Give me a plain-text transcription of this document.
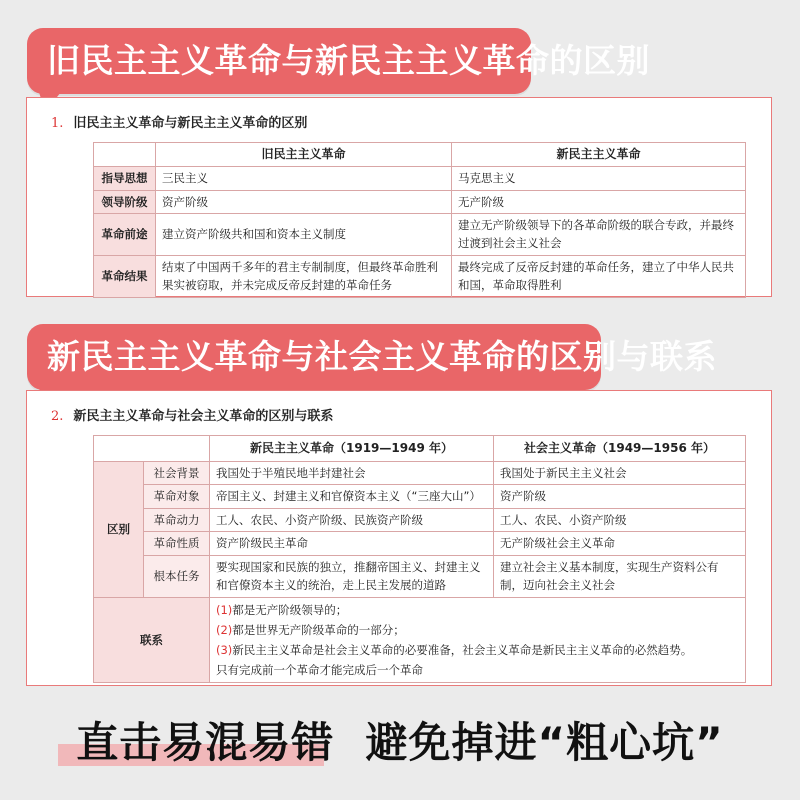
旧民主主义革命与新民主主义革命的区别
1. 旧民主主义革命与新民主主义革命的区别
	旧民主主义革命	新民主主义革命
指导思想	三民主义	马克思主义
领导阶级	资产阶级	无产阶级
革命前途	建立资产阶级共和国和资本主义制度	建立无产阶级领导下的各革命阶级的联合专政，并最终过渡到社会主义社会
革命结果	结束了中国两千多年的君主专制制度，但最终革命胜利果实被窃取，并未完成反帝反封建的革命任务	最终完成了反帝反封建的革命任务，建立了中华人民共和国，革命取得胜利
新民主主义革命与社会主义革命的区别与联系
2. 新民主主义革命与社会主义革命的区别与联系
		新民主主义革命（1919—1949 年）	社会主义革命（1949—1956 年）
区别	社会背景	我国处于半殖民地半封建社会	我国处于新民主主义社会
	革命对象	帝国主义、封建主义和官僚资本主义（“三座大山”）	资产阶级
	革命动力	工人、农民、小资产阶级、民族资产阶级	工人、农民、小资产阶级
	革命性质	资产阶级民主革命	无产阶级社会主义革命
	根本任务	要实现国家和民族的独立，推翻帝国主义、封建主义和官僚资本主义的统治，走上民主发展的道路	建立社会主义基本制度，实现生产资料公有制，迈向社会主义社会
联系		(1)都是无产阶级领导的；
(2)都是世界无产阶级革命的一部分；
(3)新民主主义革命是社会主义革命的必要准备，社会主义革命是新民主主义革命的必然趋势。
只有完成前一个革命才能完成后一个革命	
直击易混易错  避免掉进“粗心坑”
